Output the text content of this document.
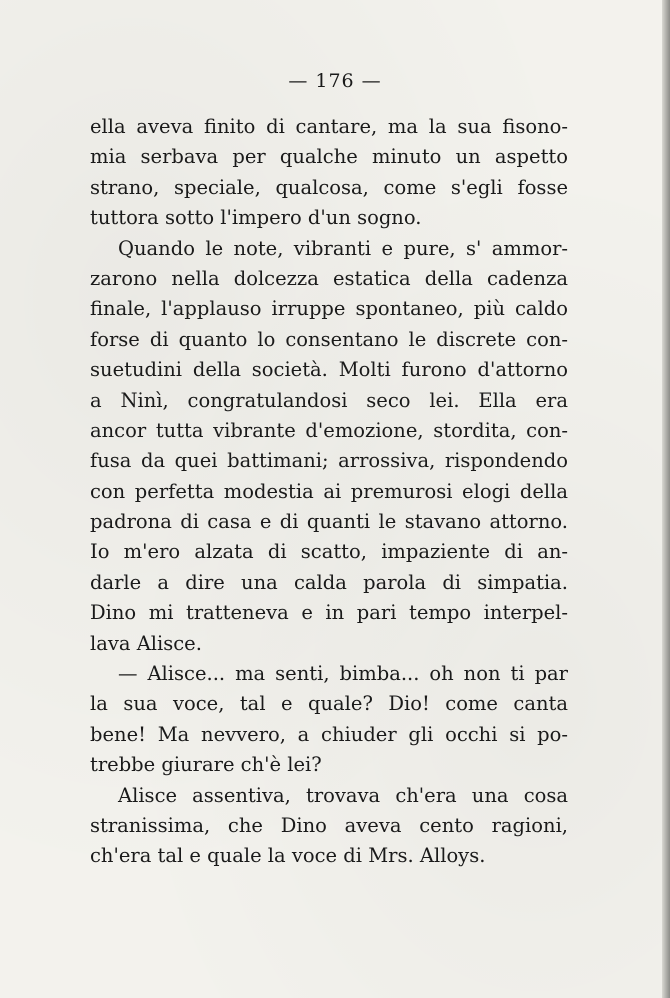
— 176 —
ella aveva finito di cantare, ma la sua fisono-
mia serbava per qualche minuto un aspetto
strano, speciale, qualcosa, come s'egli fosse
tuttora sotto l'impero d'un sogno.
Quando le note, vibranti e pure, s' ammor-
zarono nella dolcezza estatica della cadenza
finale, l'applauso irruppe spontaneo, più caldo
forse di quanto lo consentano le discrete con-
suetudini della società. Molti furono d'attorno
a Ninì, congratulandosi seco lei. Ella era
ancor tutta vibrante d'emozione, stordita, con-
fusa da quei battimani; arrossiva, rispondendo
con perfetta modestia ai premurosi elogi della
padrona di casa e di quanti le stavano attorno.
Io m'ero alzata di scatto, impaziente di an-
darle a dire una calda parola di simpatia.
Dino mi tratteneva e in pari tempo interpel-
lava Alisce.
— Alisce... ma senti, bimba... oh non ti par
la sua voce, tal e quale? Dio! come canta
bene! Ma nevvero, a chiuder gli occhi si po-
trebbe giurare ch'è lei?
Alisce assentiva, trovava ch'era una cosa
stranissima, che Dino aveva cento ragioni,
ch'era tal e quale la voce di Mrs. Alloys.
